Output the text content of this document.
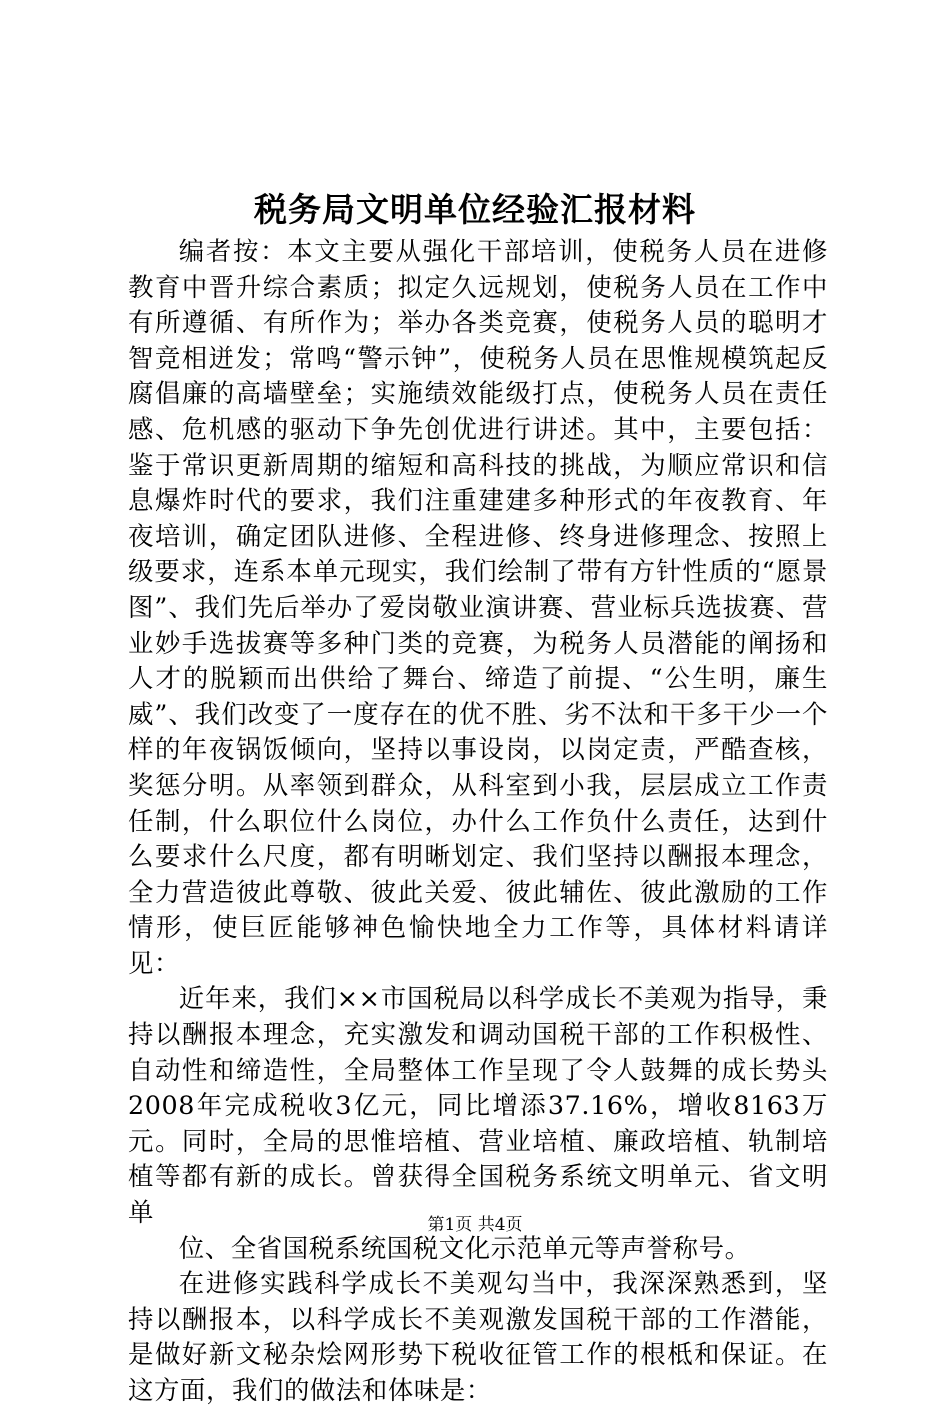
税务局文明单位经验汇报材料

编者按：本文主要从强化干部培训，使税务人员在进修教育中晋升综合素质；拟定久远规划，使税务人员在工作中有所遵循、有所作为；举办各类竞赛，使税务人员的聪明才智竞相迸发；常鸣“警示钟”，使税务人员在思惟规模筑起反腐倡廉的高墙壁垒；实施绩效能级打点，使税务人员在责任感、危机感的驱动下争先创优进行讲述。其中，主要包括：鉴于常识更新周期的缩短和高科技的挑战，为顺应常识和信息爆炸时代的要求，我们注重建建多种形式的年夜教育、年夜培训，确定团队进修、全程进修、终身进修理念、按照上级要求，连系本单元现实，我们绘制了带有方针性质的“愿景图”、我们先后举办了爱岗敬业演讲赛、营业标兵选拔赛、营业妙手选拔赛等多种门类的竞赛，为税务人员潜能的阐扬和人才的脱颖而出供给了舞台、缔造了前提、“公生明，廉生威”、我们改变了一度存在的优不胜、劣不汰和干多干少一个样的年夜锅饭倾向，坚持以事设岗，以岗定责，严酷查核，奖惩分明。从率领到群众，从科室到小我，层层成立工作责任制，什么职位什么岗位，办什么工作负什么责任，达到什么要求什么尺度，都有明晰划定、我们坚持以酬报本理念，全力营造彼此尊敬、彼此关爱、彼此辅佐、彼此激励的工作情形，使巨匠能够神色愉快地全力工作等，具体材料请详见：

近年来，我们××市国税局以科学成长不美观为指导，秉持以酬报本理念，充实激发和调动国税干部的工作积极性、自动性和缔造性，全局整体工作呈现了令人鼓舞的成长势头2008年完成税收3亿元，同比增添37.16%，增收8163万元。同时，全局的思惟培植、营业培植、廉政培植、轨制培植等都有新的成长。曾获得全国税务系统文明单元、省文明单

位、全省国税系统国税文化示范单元等声誉称号。

在进修实践科学成长不美观勾当中，我深深熟悉到，坚持以酬报本，以科学成长不美观激发国税干部的工作潜能，是做好新文秘杂烩网形势下税收征管工作的根柢和保证。在这方面，我们的做法和体味是：

第1页 共4页
